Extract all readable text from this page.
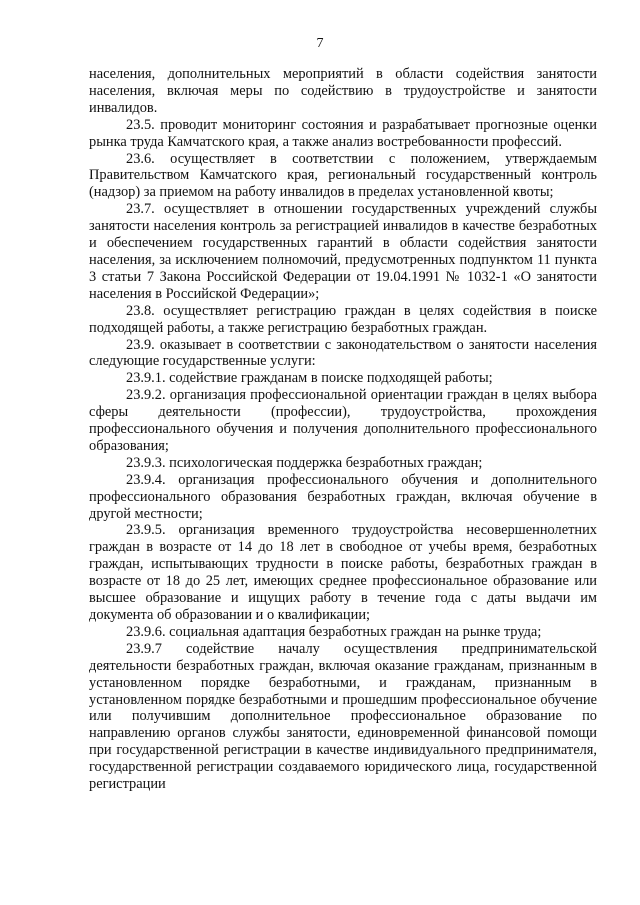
7

населения, дополнительных мероприятий в области содействия занятости населения, включая меры по содействию в трудоустройстве и занятости инвалидов.

23.5. проводит мониторинг состояния и разрабатывает прогнозные оценки рынка труда Камчатского края, а также анализ востребованности профессий.

23.6. осуществляет в соответствии с положением, утверждаемым Правительством Камчатского края, региональный государственный контроль (надзор) за приемом на работу инвалидов в пределах установленной квоты;

23.7. осуществляет в отношении государственных учреждений службы занятости населения контроль за регистрацией инвалидов в качестве безработных и обеспечением государственных гарантий в области содействия занятости населения, за исключением полномочий, предусмотренных подпунктом 11 пункта 3 статьи 7 Закона Российской Федерации от 19.04.1991 № 1032-1 «О занятости населения в Российской Федерации»;

23.8. осуществляет регистрацию граждан в целях содействия в поиске подходящей работы, а также регистрацию безработных граждан.

23.9. оказывает в соответствии с законодательством о занятости населения следующие государственные услуги:

23.9.1. содействие гражданам в поиске подходящей работы;

23.9.2. организация профессиональной ориентации граждан в целях выбора сферы деятельности (профессии), трудоустройства, прохождения профессионального обучения и получения дополнительного профессионального образования;

23.9.3. психологическая поддержка безработных граждан;

23.9.4. организация профессионального обучения и дополнительного профессионального образования безработных граждан, включая обучение в другой местности;

23.9.5. организация временного трудоустройства несовершеннолетних граждан в возрасте от 14 до 18 лет в свободное от учебы время, безработных граждан, испытывающих трудности в поиске работы, безработных граждан в возрасте от 18 до 25 лет, имеющих среднее профессиональное образование или высшее образование и ищущих работу в течение года с даты выдачи им документа об образовании и о квалификации;

23.9.6. социальная адаптация безработных граждан на рынке труда;

23.9.7 содействие началу осуществления предпринимательской деятельности безработных граждан, включая оказание гражданам, признанным в установленном порядке безработными, и гражданам, признанным в установленном порядке безработными и прошедшим профессиональное обучение или получившим дополнительное профессиональное образование по направлению органов службы занятости, единовременной финансовой помощи при государственной регистрации в качестве индивидуального предпринимателя, государственной регистрации создаваемого юридического лица, государственной регистрации
